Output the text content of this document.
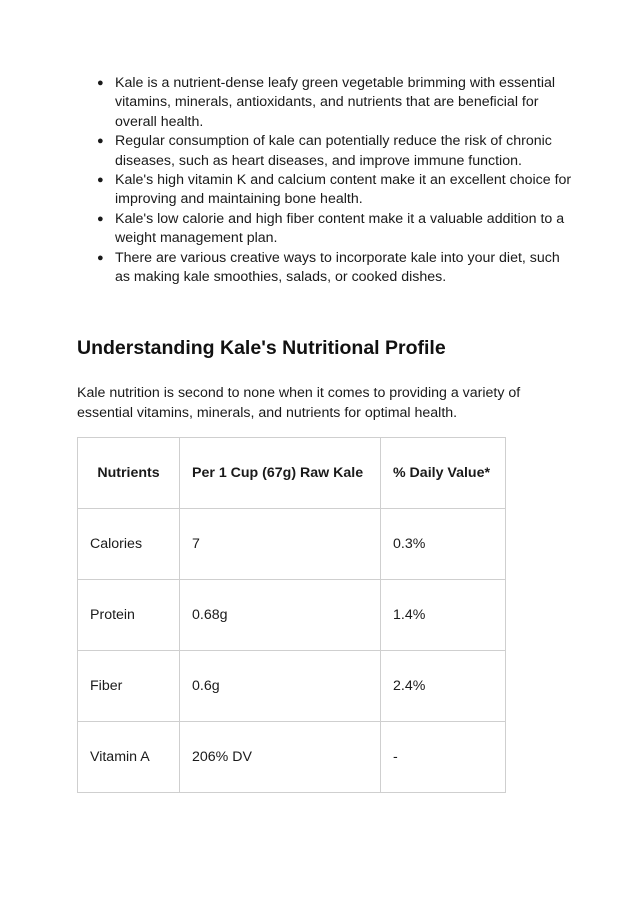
● Kale is a nutrient-dense leafy green vegetable brimming with essential vitamins, minerals, antioxidants, and nutrients that are beneficial for overall health.
● Regular consumption of kale can potentially reduce the risk of chronic diseases, such as heart diseases, and improve immune function.
● Kale's high vitamin K and calcium content make it an excellent choice for improving and maintaining bone health.
● Kale's low calorie and high fiber content make it a valuable addition to a weight management plan.
● There are various creative ways to incorporate kale into your diet, such as making kale smoothies, salads, or cooked dishes.
Understanding Kale's Nutritional Profile

Kale nutrition is second to none when it comes to providing a variety of essential vitamins, minerals, and nutrients for optimal health.

Nutrients	Per 1 Cup (67g) Raw Kale	% Daily Value*
Calories	7	0.3%
Protein	0.68g	1.4%
Fiber	0.6g	2.4%
Vitamin A	206% DV	-
